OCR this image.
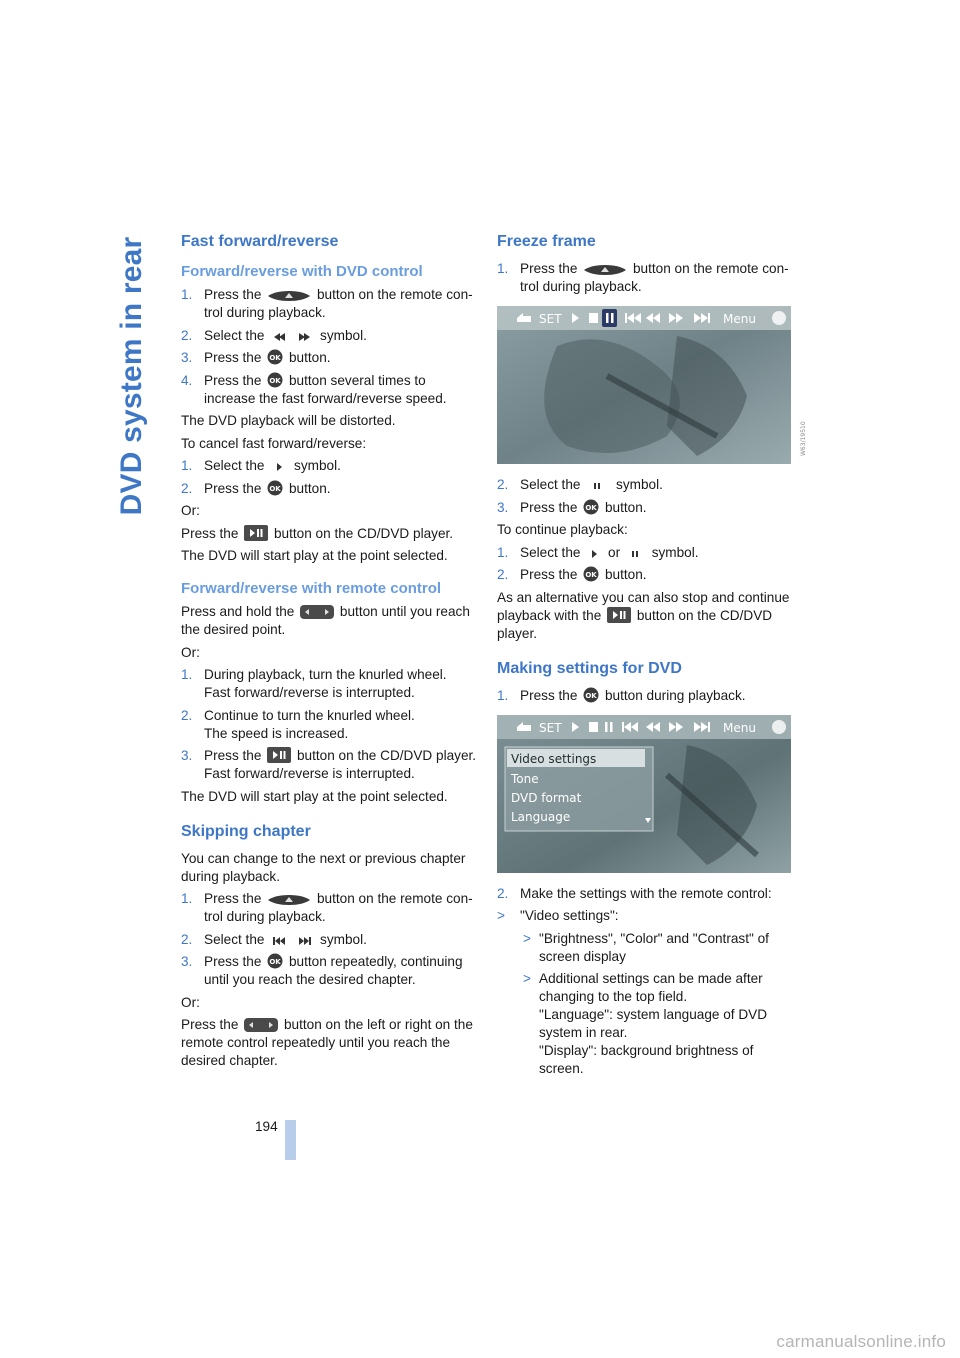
DVD system in rear Fast forward/reverse
Forward/reverse with DVD control
1. Press the	button on the remote control during playback.
2. Select the	symbol.
3. Press the button.
4. Press the button several times to increase the fast forward/reverse speed.

The DVD playback will be distorted.

To cancel fast forward/reverse:

1. Select the symbol.
2. Press the button.

Or:

Press the	button on the CD/DVD player.

The DVD will start play at the point selected.

Forward/reverse with remote control

Press and hold the	button until you reach the desired point.

Or:

1. During playback, turn the knurled wheel.
Fast forward/reverse is interrupted.
2. Continue to turn the knurled wheel.
The speed is increased.
3. Press the	button on the CD/DVD player.
Fast forward/reverse is interrupted.

The DVD will start play at the point selected.

Skipping chapter

You can change to the next or previous chapter during playback.

1. Press the	button on the remote control during playback.
2. Select the	symbol.
3. Press the button repeatedly, continuing until you reach the desired chapter.

Or:

Press the	button on the left or right on the remote control repeatedly until you reach the desired chapter.

Freeze frame
1. Press the	button on the remote control during playback.
SET	Menu
W63/19510
2. Select the	symbol.
3. Press the button.

To continue playback:

1. Select the or symbol.
2. Press the button.

As an alternative you can also stop and continue playback with the	button on the CD/DVD player.

Making settings for DVD
1. Press the button during playback.
SET	Menu
Video settings
Tone
DVD format
Language
2. Make the settings with the remote control:
> "Video settings":
> "Brightness", "Color" and "Contrast" of screen display
> Additional settings can be made after changing to the top field.
"Language": system language of DVD system in rear.
"Display": background brightness of screen.
194
carmanualsonline.info
